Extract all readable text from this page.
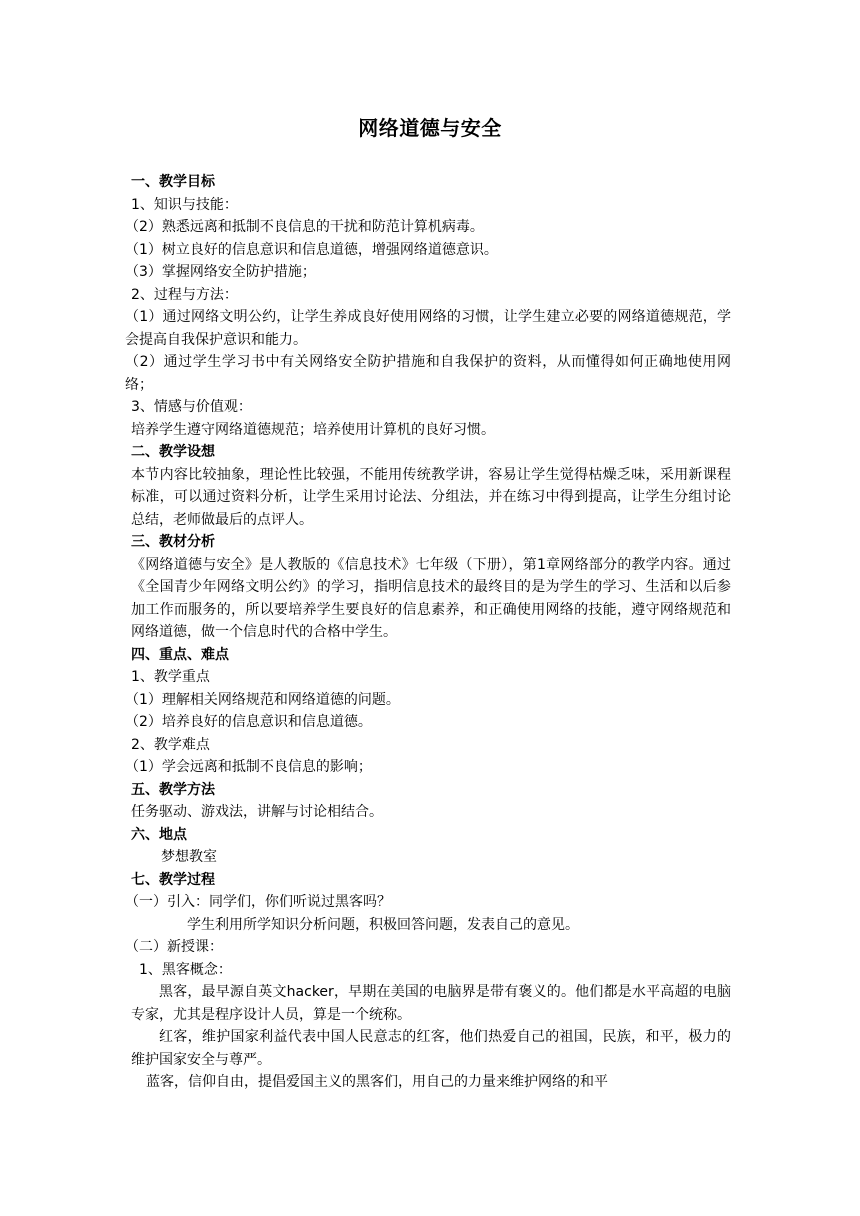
网络道德与安全

一、教学目标

1、知识与技能：

（2）熟悉远离和抵制不良信息的干扰和防范计算机病毒。

（1）树立良好的信息意识和信息道德，增强网络道德意识。

（3）掌握网络安全防护措施；

2、过程与方法：

（1）通过网络文明公约，让学生养成良好使用网络的习惯，让学生建立必要的网络道德规范，学会提高自我保护意识和能力。

（2）通过学生学习书中有关网络安全防护措施和自我保护的资料，从而懂得如何正确地使用网络；

3、情感与价值观：

培养学生遵守网络道德规范；培养使用计算机的良好习惯。

二、教学设想

本节内容比较抽象，理论性比较强，不能用传统教学讲，容易让学生觉得枯燥乏味，采用新课程标准，可以通过资料分析，让学生采用讨论法、分组法，并在练习中得到提高，让学生分组讨论总结，老师做最后的点评人。

三、教材分析

《网络道德与安全》是人教版的《信息技术》七年级（下册），第1章网络部分的教学内容。通过《全国青少年网络文明公约》的学习，指明信息技术的最终目的是为学生的学习、生活和以后参加工作而服务的，所以要培养学生要良好的信息素养，和正确使用网络的技能，遵守网络规范和网络道德，做一个信息时代的合格中学生。

四、重点、难点

1、教学重点

（1）理解相关网络规范和网络道德的问题。

（2）培养良好的信息意识和信息道德。

2、教学难点

（1）学会远离和抵制不良信息的影响；

五、教学方法

任务驱动、游戏法，讲解与讨论相结合。

六、地点

梦想教室

七、教学过程

（一）引入：同学们，你们听说过黑客吗？

学生利用所学知识分析问题，积极回答问题，发表自己的意见。

（二）新授课：

1、黑客概念：

黑客，最早源自英文hacker，早期在美国的电脑界是带有褒义的。他们都是水平高超的电脑专家，尤其是程序设计人员，算是一个统称。

红客，维护国家利益代表中国人民意志的红客，他们热爱自己的祖国，民族，和平，极力的维护国家安全与尊严。

蓝客，信仰自由，提倡爱国主义的黑客们，用自己的力量来维护网络的和平
